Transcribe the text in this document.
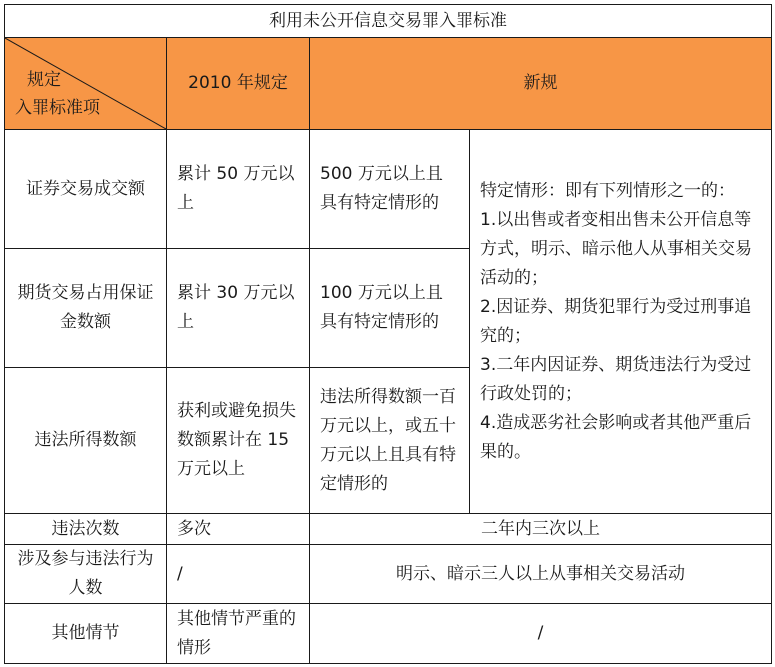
利用未公开信息交易罪入罪标准			

规定
入罪标准项	2010 年规定	新规	
证券交易成交额	累计 50 万元以上	500 万元以上且具有特定情形的	特定情形：即有下列情形之一的：
1.以出售或者变相出售未公开信息等方式，明示、暗示他人从事相关交易活动的；
2.因证券、期货犯罪行为受过刑事追究的；
3.二年内因证券、期货违法行为受过行政处罚的；
4.造成恶劣社会影响或者其他严重后果的。

期货交易占用保证金数额	累计 30 万元以上	100 万元以上且具有特定情形的	
违法所得数额	获利或避免损失数额累计在 15 万元以上	违法所得数额一百万元以上，或五十万元以上且具有特定情形的	
违法次数	多次	二年内三次以上	
涉及参与违法行为人数	/	明示、暗示三人以上从事相关交易活动	
其他情节	其他情节严重的情形	/	
